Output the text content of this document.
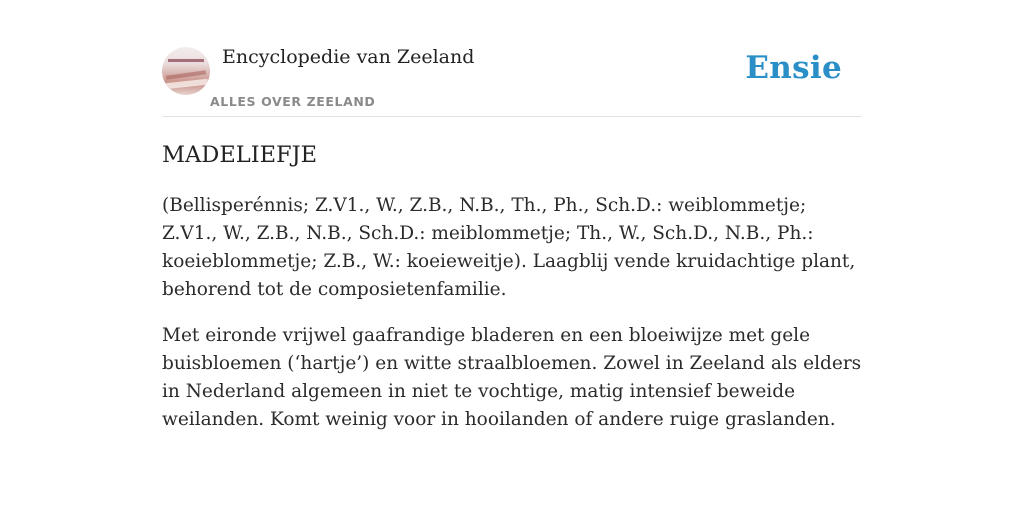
Encyclopedie van Zeeland
ALLES OVER ZEELAND
Ensie
MADELIEFJE

(Bellisperénnis; Z.V1., W., Z.B., N.B., Th., Ph., Sch.D.: weiblommetje; Z.V1., W., Z.B., N.B., Sch.D.: meiblommetje; Th., W., Sch.D., N.B., Ph.: koeieblommetje; Z.B., W.: koeieweitje). Laagblij vende kruidachtige plant, behorend tot de composietenfamilie.

Met eironde vrijwel gaafrandige bladeren en een bloeiwijze met gele buisbloemen (‘hartje’) en witte straalbloemen. Zowel in Zeeland als elders in Nederland algemeen in niet te vochtige, matig intensief beweide weilanden. Komt weinig voor in hooilanden of andere ruige graslanden.
